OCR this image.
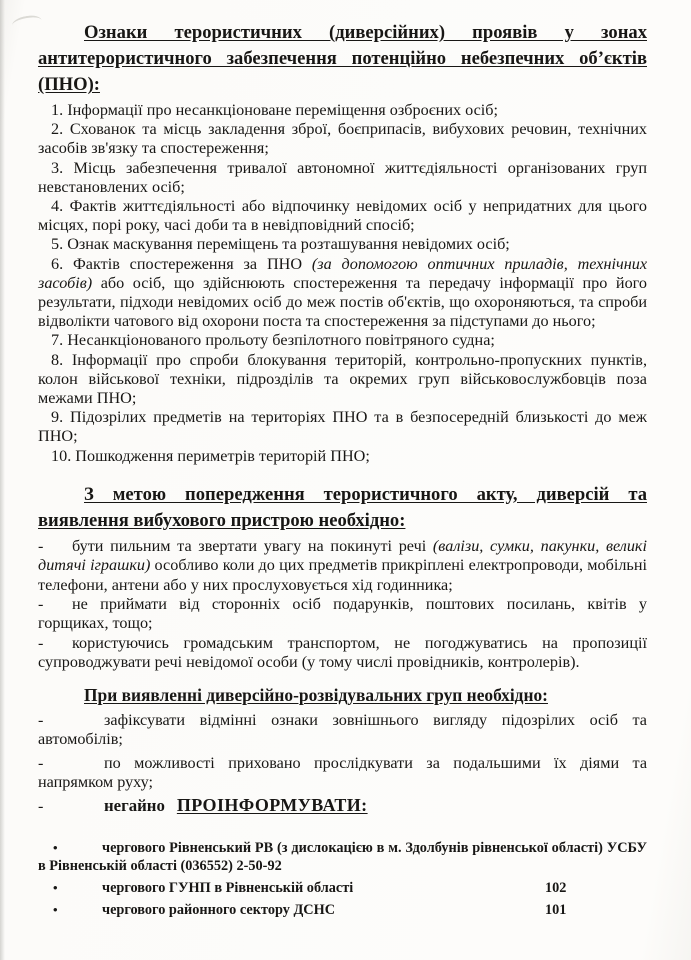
Ознаки терористичних (диверсійних) проявів у зонах антитерористичного забезпечення потенційно небезпечних об’єктів (ПНО):

1. Інформації про несанкціоноване переміщення озброєних осіб;

2. Схованок та місць закладення зброї, боєприпасів, вибухових речовин, технічних засобів зв'язку та спостереження;

3. Місць забезпечення тривалої автономної життєдіяльності організованих груп невстановлених осіб;

4. Фактів життєдіяльності або відпочинку невідомих осіб у непридатних для цього місцях, порі року, часі доби та в невідповідний спосіб;

5. Ознак маскування переміщень та розташування невідомих осіб;

6. Фактів спостереження за ПНО (за допомогою оптичних приладів, технічних засобів) або осіб, що здійснюють спостереження та передачу інформації про його результати, підходи невідомих осіб до меж постів об'єктів, що охороняються, та спроби відволікти чатового від охорони поста та спостереження за підступами до нього;

7. Несанкціонованого прольоту безпілотного повітряного судна;

8. Інформації про спроби блокування територій, контрольно-пропускних пунктів, колон військової техніки, підрозділів та окремих груп військовослужбовців поза межами ПНО;

9. Підозрілих предметів на територіях ПНО та в безпосередній близькості до меж ПНО;

10. Пошкодження периметрів територій ПНО;

З метою попередження терористичного акту, диверсій та виявлення вибухового пристрою необхідно:

- бути пильним та звертати увагу на покинуті речі (валізи, сумки, пакунки, великі дитячі іграшки) особливо коли до цих предметів прикріплені електропроводи, мобільні телефони, антени або у них прослуховується хід годинника;

- не приймати від сторонніх осіб подарунків, поштових посилань, квітів у горщиках, тощо;

- користуючись громадським транспортом, не погоджуватись на пропозиції супроводжувати речі невідомої особи (у тому числі провідників, контролерів).

При виявленні диверсійно-розвідувальних груп необхідно:

-	зафіксувати відмінні ознаки зовнішнього вигляду підозрілих осіб та автомобілів;

-	по можливості приховано прослідкувати за подальшими їх діями та напрямком руху;

-	негайно ПРОІНФОРМУВАТИ:

•	чергового Рівненський РВ (з дислокацією в м. Здолбунів рівненської області) УСБУ в Рівненській області (036552) 2-50-92

•	чергового ГУНП в Рівненській області	102

•	чергового районного сектору ДСНС	101
